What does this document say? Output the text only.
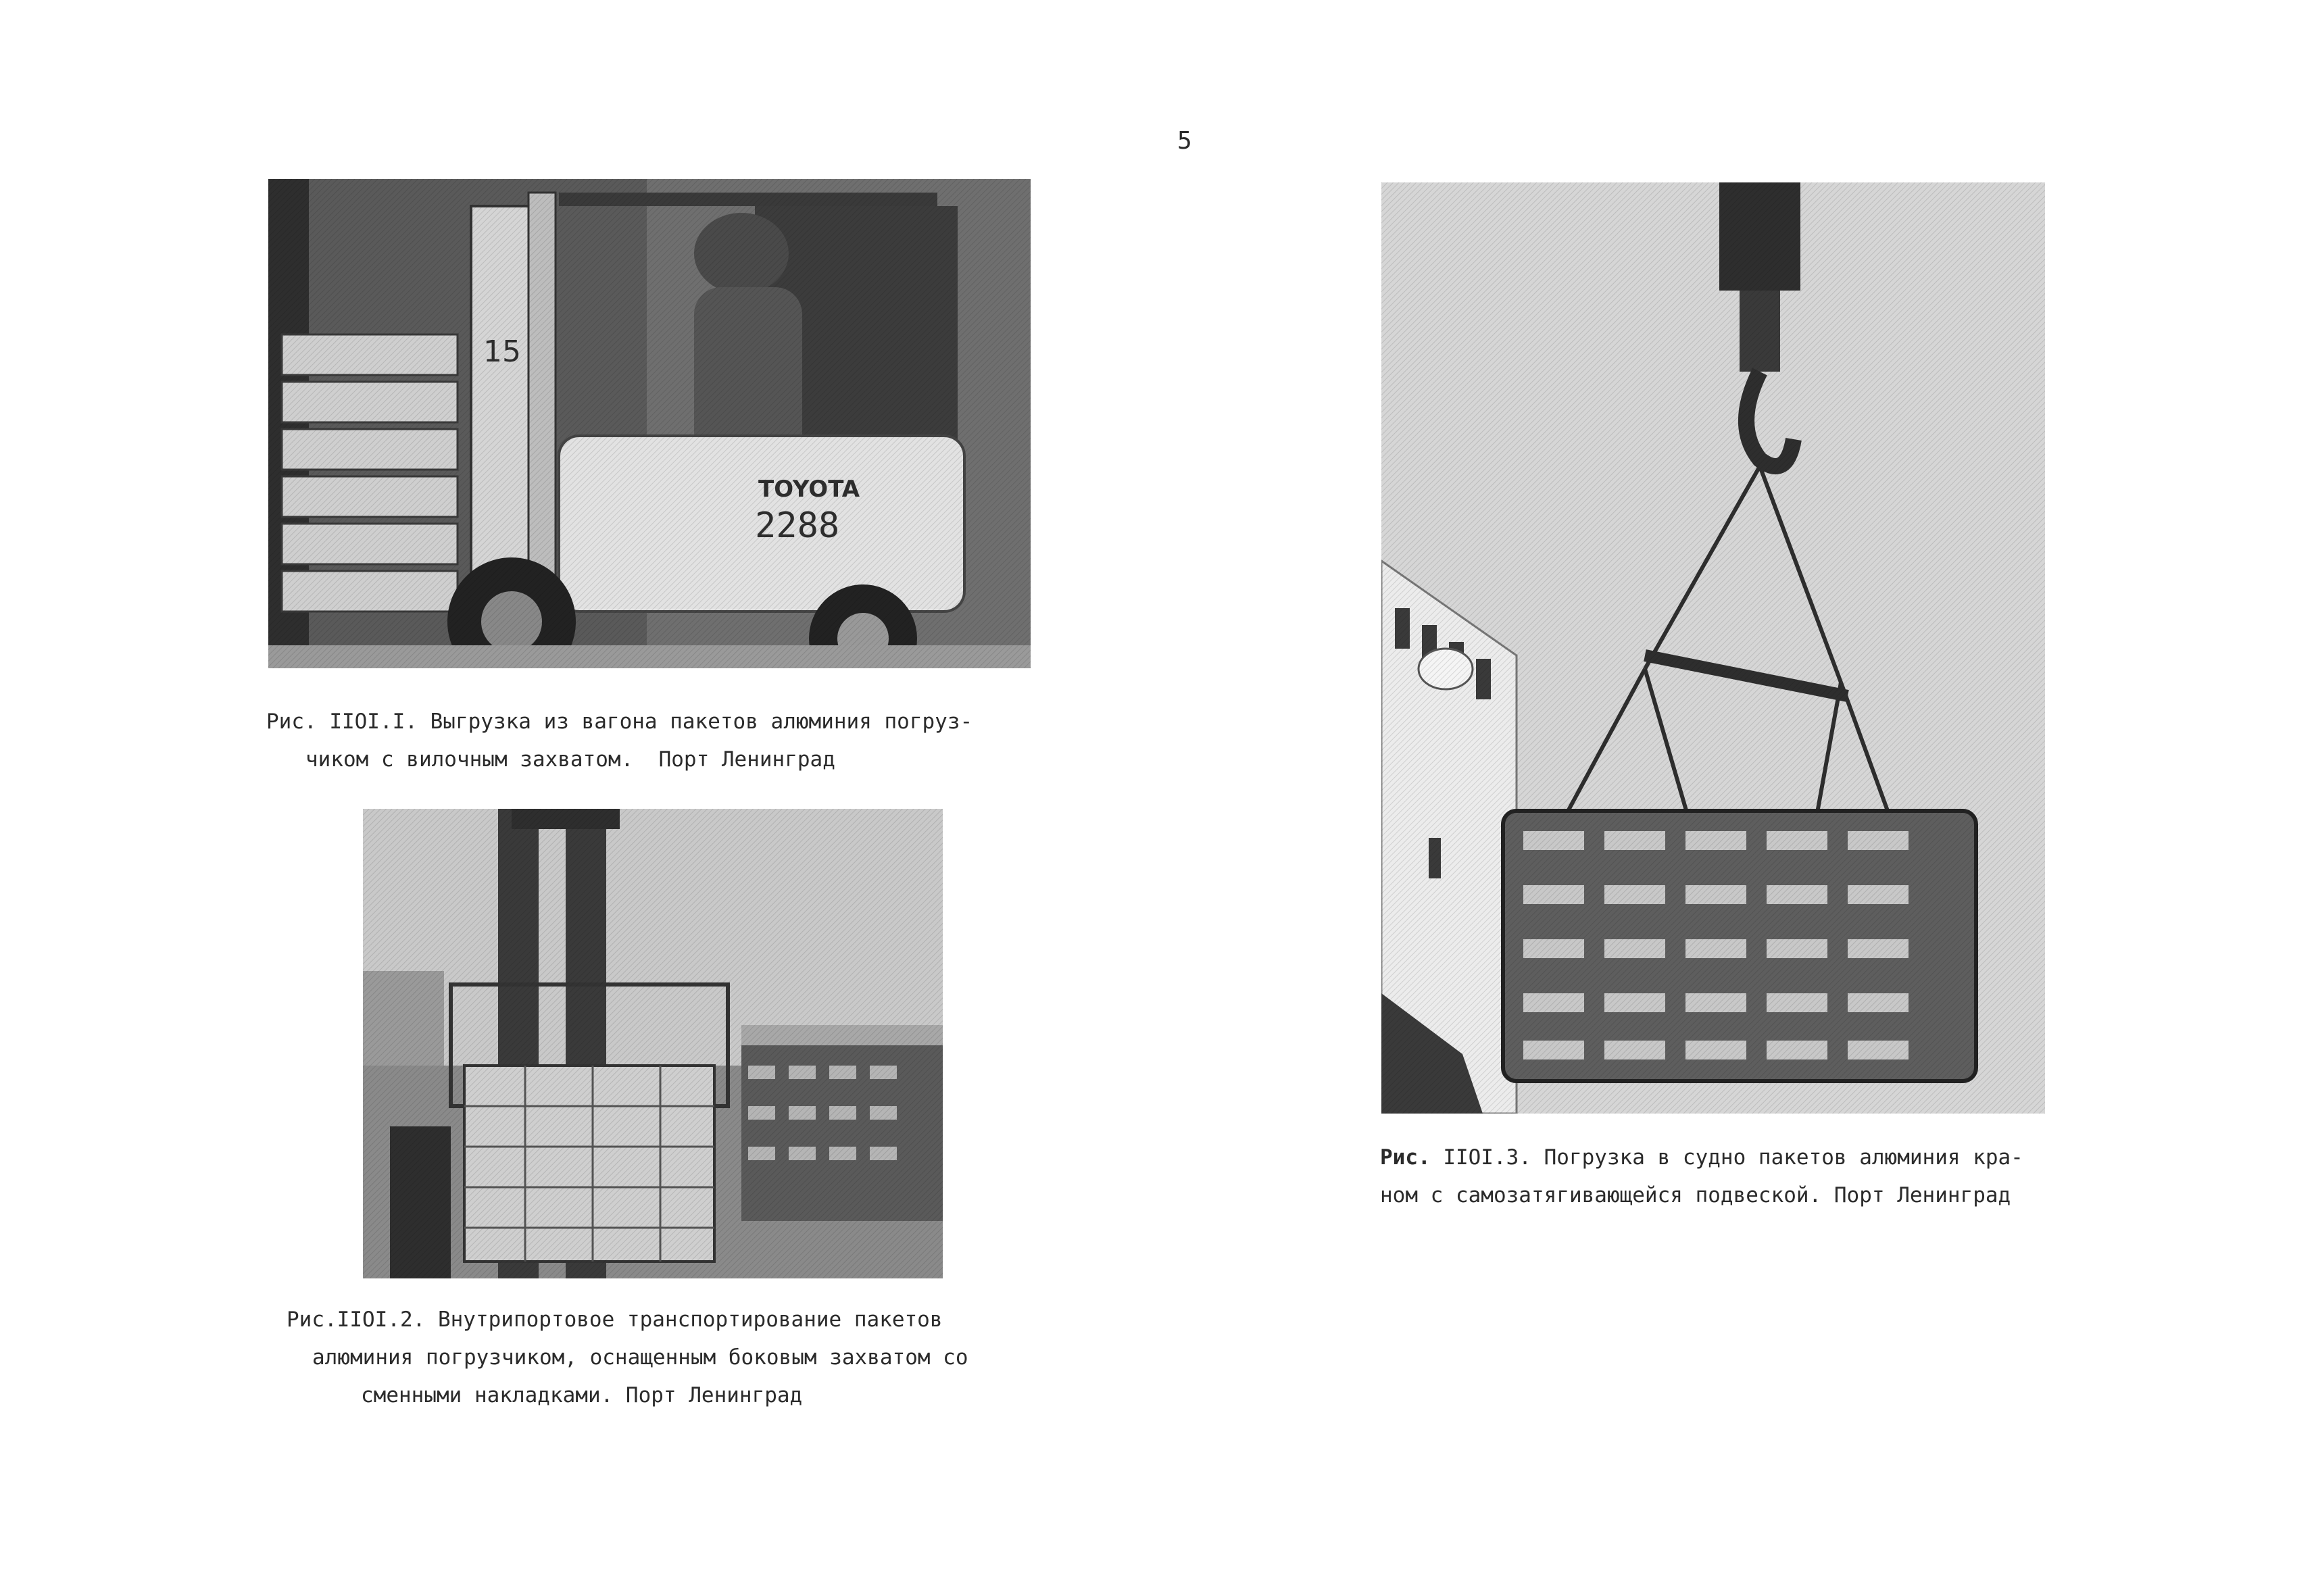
5
Рис. IIOI.I. Выгрузка из вагона пакетов алюминия погруз-
чиком с вилочным захватом.  Порт Ленинград
Рис.IIOI.2. Внутрипортовое транспортирование пакетов
алюминия погрузчиком, оснащенным боковым захватом со
сменными накладками. Порт Ленинград
Рис. IIOI.3. Погрузка в судно пакетов алюминия кра-
ном с самозатягивающейся подвеской. Порт Ленинград
